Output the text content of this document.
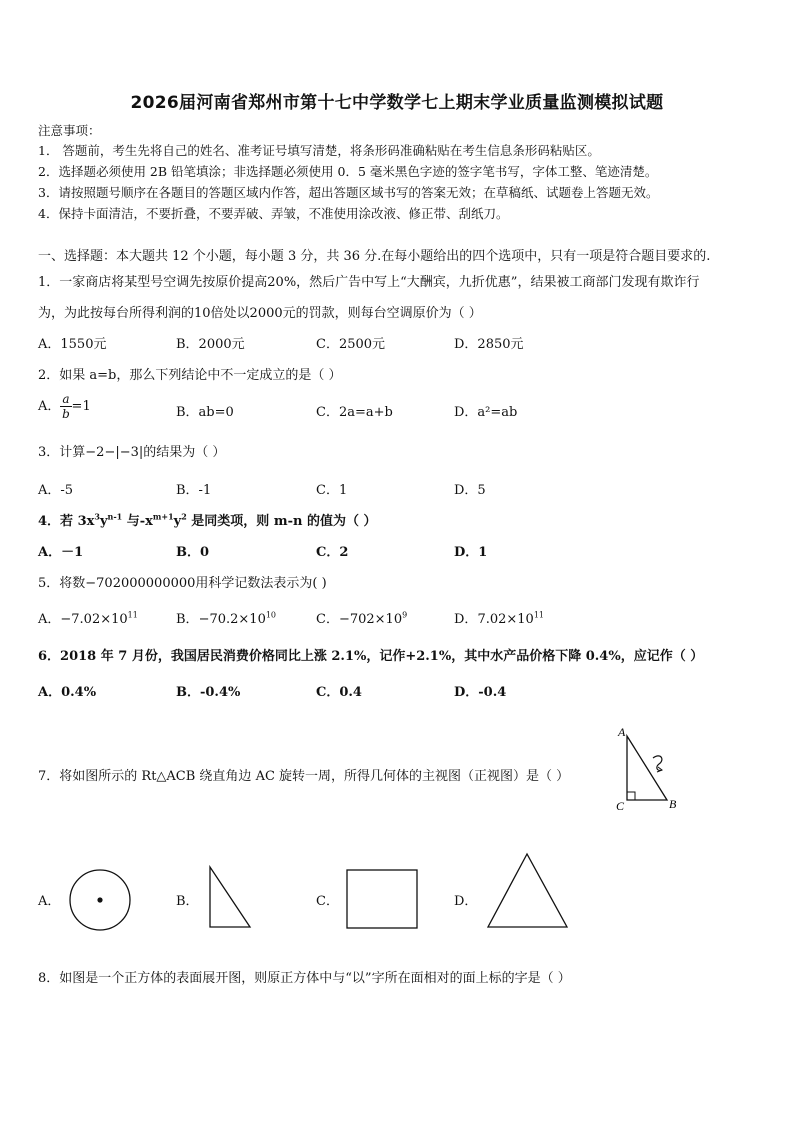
2026届河南省郑州市第十七中学数学七上期末学业质量监测模拟试题
注意事项：
1． 答题前，考生先将自己的姓名、准考证号填写清楚，将条形码准确粘贴在考生信息条形码粘贴区。
2．选择题必须使用 2B 铅笔填涂；非选择题必须使用 0．5 毫米黑色字迹的签字笔书写，字体工整、笔迹清楚。
3．请按照题号顺序在各题目的答题区域内作答，超出答题区域书写的答案无效；在草稿纸、试题卷上答题无效。
4．保持卡面清洁，不要折叠，不要弄破、弄皱，不准使用涂改液、修正带、刮纸刀。
一、选择题：本大题共 12 个小题，每小题 3 分，共 36 分.在每小题给出的四个选项中，只有一项是符合题目要求的.
1．一家商店将某型号空调先按原价提高20%，然后广告中写上“大酬宾，九折优惠”，结果被工商部门发现有欺诈行
为，为此按每台所得利润的10倍处以2000元的罚款，则每台空调原价为（ ）
A．1550元	B．2000元	C．2500元	D．2850元
2．如果 a=b，那么下列结论中不一定成立的是（ ）
A． $\frac{a}{b} =1$	B．ab=0	C．2a=a+b	D．a²=ab
3．计算−2−|−3|的结果为（ ）
A．-5	B．-1	C．1	D．5
4．若 $3x^3y^{n-1}$ 与$-x^{m+1}y^2$ 是同类项，则 m-n 的值为（ ）
A．－1	B．0	C．2	D．1
5．将数−702000000000用科学记数法表示为( )
A．$-7.02\times 10^{11}$	B．$-70.2\times 10^{10}$	C．$-702\times 10^9$	D．$7.02\times 10^{11}$
6．2018 年 7 月份，我国居民消费价格同比上涨 2.1%，记作+2.1%，其中水产品价格下降 0.4%，应记作（ ）
A．0.4%	B．-0.4%	C．0.4	D．-0.4
7．将如图所示的 Rt△ACB 绕直角边 AC 旋转一周，所得几何体的主视图（正视图）是（ ）
A
C	B
A．	B．	C．	D．
8．如图是一个正方体的表面展开图，则原正方体中与“以”字所在面相对的面上标的字是（ ）
